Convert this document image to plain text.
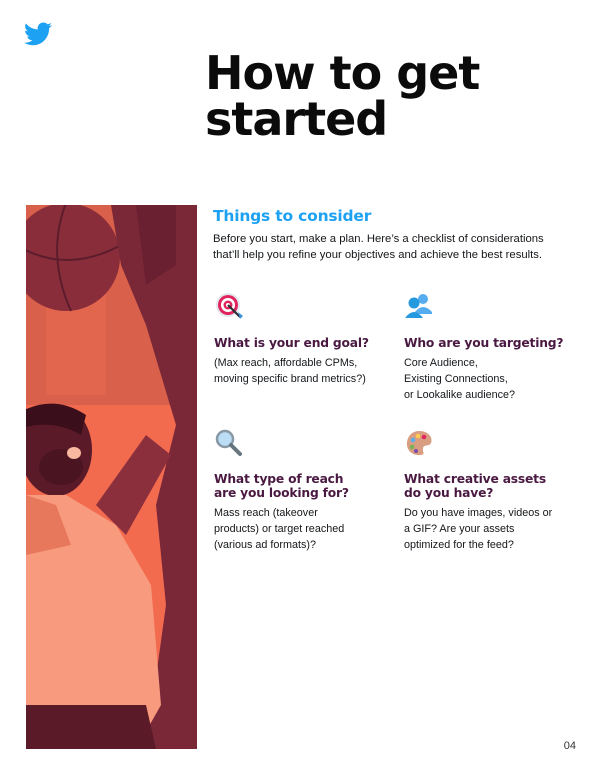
How to get
started
Things to consider

Before you start, make a plan. Here’s a checklist of considerations that’ll help you refine your objectives and achieve the best results.

What is your end goal?

(Max reach, affordable CPMs,
moving specific brand metrics?)

Who are you targeting?

Core Audience,
Existing Connections,
or Lookalike audience?

What type of reach
are you looking for?

Mass reach (takeover
products) or target reached
(various ad formats)?

What creative assets
do you have?

Do you have images, videos or
a GIF? Are your assets
optimized for the feed?

04
